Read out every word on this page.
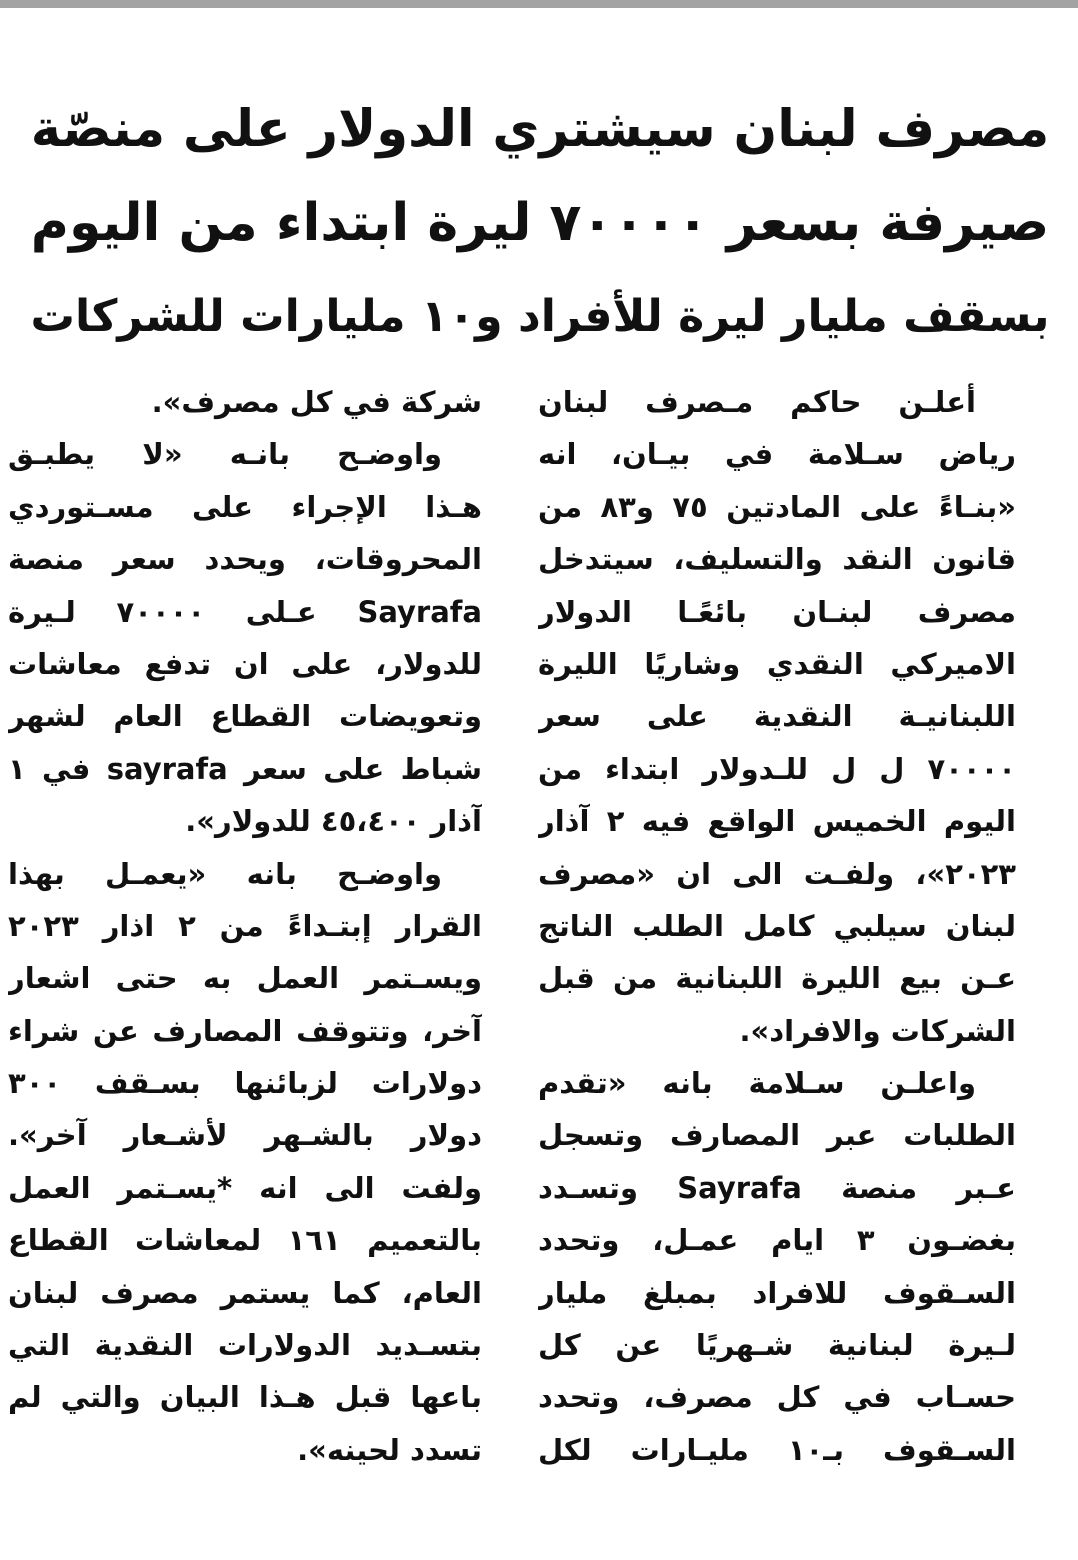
مصرف لبنان سيشتري الدولار على منصّة
صيرفة بسعر ٧٠٠٠٠ ليرة ابتداء من اليوم
بسقف مليار ليرة للأفراد و١٠ مليارات للشركات
أعلـن حاكم مـصرف لبنان
رياض سـلامة في بيـان، انه
«بنـاءً على المادتين ٧٥ و٨٣ من
قانون النقد والتسليف، سيتدخل
مصرف لبنـان بائعًـا الدولار
الاميركي النقدي وشاريًا الليرة
اللبنانيـة النقدية على سعر
٧٠٠٠٠ ل ل للـدولار ابتداء من
اليوم الخميس الواقع فيه ٢ آذار
٢٠٢٣»، ولفـت الى ان «مصرف
لبنان سيلبي كامل الطلب الناتج
عـن بيع الليرة اللبنانية من قبل
الشركات والافراد».
واعلـن سـلامة بانه «تقدم
الطلبات عبر المصارف وتسجل
عـبر منصة Sayrafa وتسـدد
بغضـون ٣ ايام عمـل، وتحدد
السـقوف للافراد بمبلغ مليار
لـيرة لبنانية شـهريًا عن كل
حسـاب في كل مصرف، وتحدد
السـقوف بـ١٠ مليـارات لكل
شركة في كل مصرف».
واوضـح بانـه «لا يطبـق
هـذا الإجراء على مسـتوردي
المحروقات، ويحدد سعر منصة
Sayrafa عـلى ٧٠٠٠٠ لـيرة
للدولار، على ان تدفع معاشات
وتعويضات القطاع العام لشهر
شباط على سعر sayrafa في ١
آذار ٤٥،٤٠٠ للدولار».
واوضـح بانه «يعمـل بهذا
القرار إبتـداءً من ٢ اذار ٢٠٢٣
ويسـتمر العمل به حتى اشعار
آخر، وتتوقف المصارف عن شراء
دولارات لزبائنها بسـقف ٣٠٠
دولار بالشـهر لأشـعار آخر».
ولفت الى انه *يسـتمر العمل
بالتعميم ١٦١ لمعاشات القطاع
العام، كما يستمر مصرف لبنان
بتسـديد الدولارات النقدية التي
باعها قبل هـذا البيان والتي لم
تسدد لحينه».
